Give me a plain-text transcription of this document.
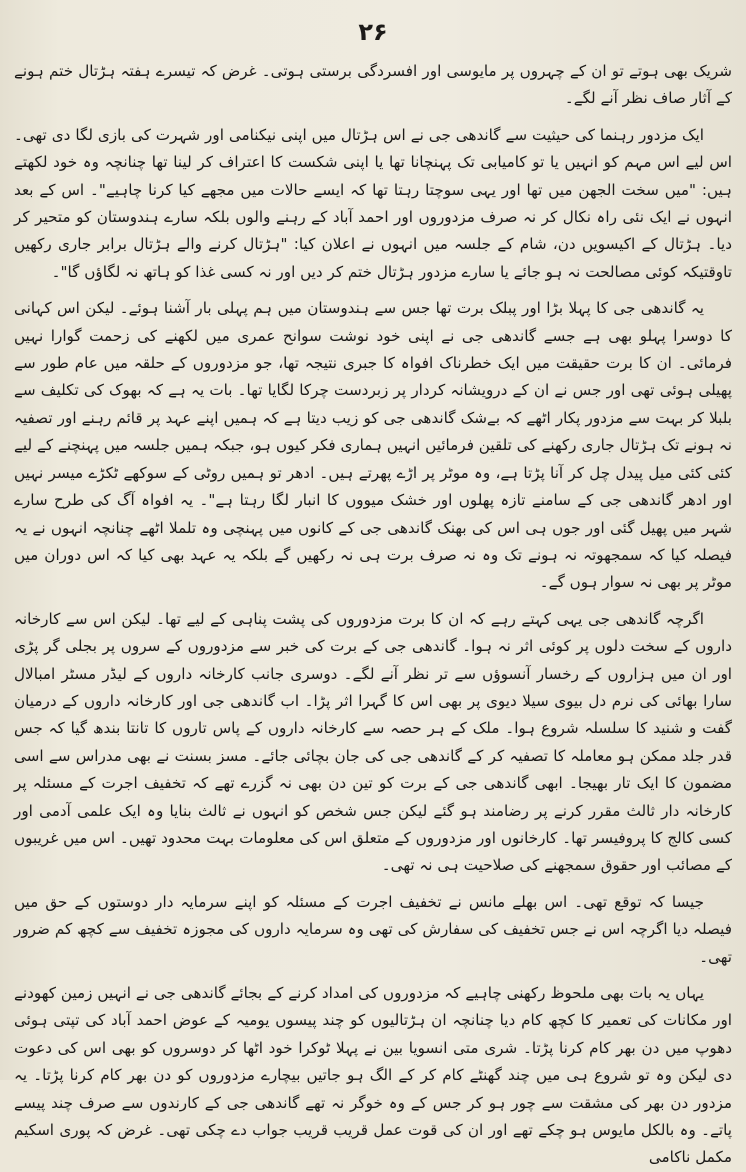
۲۶

شریک بھی ہوتے تو ان کے چہروں پر مایوسی اور افسردگی برستی ہوتی۔ غرض کہ تیسرے ہفتہ ہڑتال ختم ہونے کے آثار صاف نظر آنے لگے۔

ایک مزدور رہنما کی حیثیت سے گاندھی جی نے اس ہڑتال میں اپنی نیکنامی اور شہرت کی بازی لگا دی تھی۔ اس لیے اس مہم کو انہیں یا تو کامیابی تک پہنچانا تھا یا اپنی شکست کا اعتراف کر لینا تھا چنانچہ وہ خود لکھتے ہیں: "میں سخت الجھن میں تھا اور یہی سوچتا رہتا تھا کہ ایسے حالات میں مجھے کیا کرنا چاہیے"۔ اس کے بعد انہوں نے ایک نئی راہ نکال کر نہ صرف مزدوروں اور احمد آباد کے رہنے والوں بلکہ سارے ہندوستان کو متحیر کر دیا۔ ہڑتال کے اکیسویں دن، شام کے جلسہ میں انہوں نے اعلان کیا: "ہڑتال کرنے والے ہڑتال برابر جاری رکھیں تاوقتیکہ کوئی مصالحت نہ ہو جائے یا سارے مزدور ہڑتال ختم کر دیں اور نہ کسی غذا کو ہاتھ نہ لگاؤں گا"۔

یہ گاندھی جی کا پہلا بڑا اور پبلک برت تھا جس سے ہندوستان میں ہم پہلی بار آشنا ہوئے۔ لیکن اس کہانی کا دوسرا پہلو بھی ہے جسے گاندھی جی نے اپنی خود نوشت سوانح عمری میں لکھنے کی زحمت گوارا نہیں فرمائی۔ ان کا برت حقیقت میں ایک خطرناک افواہ کا جبری نتیجہ تھا، جو مزدوروں کے حلقہ میں عام طور سے پھیلی ہوئی تھی اور جس نے ان کے درویشانہ کردار پر زبردست چرکا لگایا تھا۔ بات یہ ہے کہ بھوک کی تکلیف سے بلبلا کر بہت سے مزدور پکار اٹھے کہ بےشک گاندھی جی کو زیب دیتا ہے کہ ہمیں اپنے عہد پر قائم رہنے اور تصفیہ نہ ہونے تک ہڑتال جاری رکھنے کی تلقین فرمائیں انہیں ہماری فکر کیوں ہو، جبکہ ہمیں جلسہ میں پہنچنے کے لیے کئی کئی میل پیدل چل کر آنا پڑتا ہے، وہ موٹر پر اڑے پھرتے ہیں۔ ادھر تو ہمیں روٹی کے سوکھے ٹکڑے میسر نہیں اور ادھر گاندھی جی کے سامنے تازہ پھلوں اور خشک میووں کا انبار لگا رہتا ہے"۔ یہ افواہ آگ کی طرح سارے شہر میں پھیل گئی اور جوں ہی اس کی بھنک گاندھی جی کے کانوں میں پہنچی وہ تلملا اٹھے چنانچہ انہوں نے یہ فیصلہ کیا کہ سمجھوتہ نہ ہونے تک وہ نہ صرف برت ہی نہ رکھیں گے بلکہ یہ عہد بھی کیا کہ اس دوران میں موٹر پر بھی نہ سوار ہوں گے۔

اگرچہ گاندھی جی یہی کہتے رہے کہ ان کا برت مزدوروں کی پشت پناہی کے لیے تھا۔ لیکن اس سے کارخانہ داروں کے سخت دلوں پر کوئی اثر نہ ہوا۔ گاندھی جی کے برت کی خبر سے مزدوروں کے سروں پر بجلی گر پڑی اور ان میں ہزاروں کے رخسار آنسوؤں سے تر نظر آنے لگے۔ دوسری جانب کارخانہ داروں کے لیڈر مسٹر امبالال سارا بھائی کی نرم دل بیوی سیلا دیوی پر بھی اس کا گہرا اثر پڑا۔ اب گاندھی جی اور کارخانہ داروں کے درمیان گفت و شنید کا سلسلہ شروع ہوا۔ ملک کے ہر حصہ سے کارخانہ داروں کے پاس تاروں کا تانتا بندھ گیا کہ جس قدر جلد ممکن ہو معاملہ کا تصفیہ کر کے گاندھی جی کی جان بچائی جائے۔ مسز بسنت نے بھی مدراس سے اسی مضمون کا ایک تار بھیجا۔ ابھی گاندھی جی کے برت کو تین دن بھی نہ گزرے تھے کہ تخفیف اجرت کے مسئلہ پر کارخانہ دار ثالث مقرر کرنے پر رضامند ہو گئے لیکن جس شخص کو انہوں نے ثالث بنایا وہ ایک علمی آدمی اور کسی کالج کا پروفیسر تھا۔ کارخانوں اور مزدوروں کے متعلق اس کی معلومات بہت محدود تھیں۔ اس میں غریبوں کے مصائب اور حقوق سمجھنے کی صلاحیت ہی نہ تھی۔

جیسا کہ توقع تھی۔ اس بھلے مانس نے تخفیف اجرت کے مسئلہ کو اپنے سرمایہ دار دوستوں کے حق میں فیصلہ دیا اگرچہ اس نے جس تخفیف کی سفارش کی تھی وہ سرمایہ داروں کی مجوزہ تخفیف سے کچھ کم ضرور تھی۔

یہاں یہ بات بھی ملحوظ رکھنی چاہیے کہ مزدوروں کی امداد کرنے کے بجائے گاندھی جی نے انہیں زمین کھودنے اور مکانات کی تعمیر کا کچھ کام دیا چنانچہ ان ہڑتالیوں کو چند پیسوں یومیہ کے عوض احمد آباد کی تپتی ہوئی دھوپ میں دن بھر کام کرنا پڑتا۔ شری متی انسویا بین نے پہلا ٹوکرا خود اٹھا کر دوسروں کو بھی اس کی دعوت دی لیکن وہ تو شروع ہی میں چند گھنٹے کام کر کے الگ ہو جاتیں بیچارے مزدوروں کو دن بھر کام کرنا پڑتا۔ یہ مزدور دن بھر کی مشقت سے چور ہو کر جس کے وہ خوگر نہ تھے گاندھی جی کے کارندوں سے صرف چند پیسے پاتے۔ وہ بالکل مایوس ہو چکے تھے اور ان کی قوت عمل قریب قریب جواب دے چکی تھی۔ غرض کہ پوری اسکیم مکمل ناکامی
